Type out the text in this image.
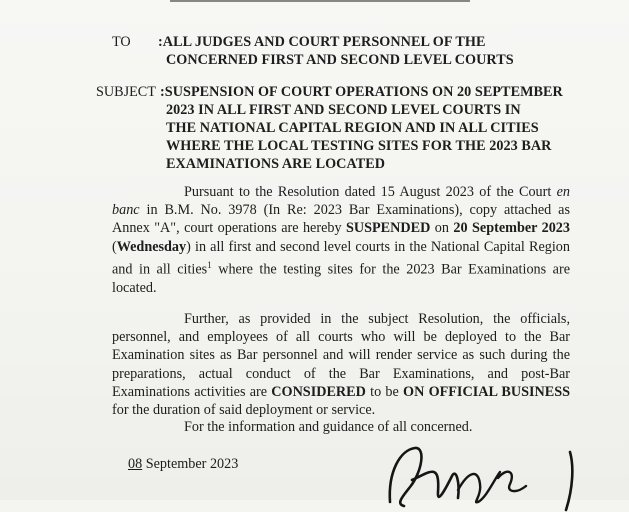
TO :ALL JUDGES AND COURT PERSONNEL OF THE
CONCERNED FIRST AND SECOND LEVEL COURTS
SUBJECT :SUSPENSION OF COURT OPERATIONS ON 20 SEPTEMBER
2023 IN ALL FIRST AND SECOND LEVEL COURTS IN
THE NATIONAL CAPITAL REGION AND IN ALL CITIES
WHERE THE LOCAL TESTING SITES FOR THE 2023 BAR
EXAMINATIONS ARE LOCATED
Pursuant to the Resolution dated 15 August 2023 of the Court en banc in B.M. No. 3978 (In Re: 2023 Bar Examinations), copy attached as Annex "A", court operations are hereby SUSPENDED on 20 September 2023 (Wednesday) in all first and second level courts in the National Capital Region and in all cities$^1$ where the testing sites for the 2023 Bar Examinations are located.
Further, as provided in the subject Resolution, the officials, personnel, and employees of all courts who will be deployed to the Bar Examination sites as Bar personnel and will render service as such during the preparations, actual conduct of the Bar Examinations, and post-Bar Examinations activities are CONSIDERED to be ON OFFICIAL BUSINESS for the duration of said deployment or service.
For the information and guidance of all concerned.
08 September 2023
